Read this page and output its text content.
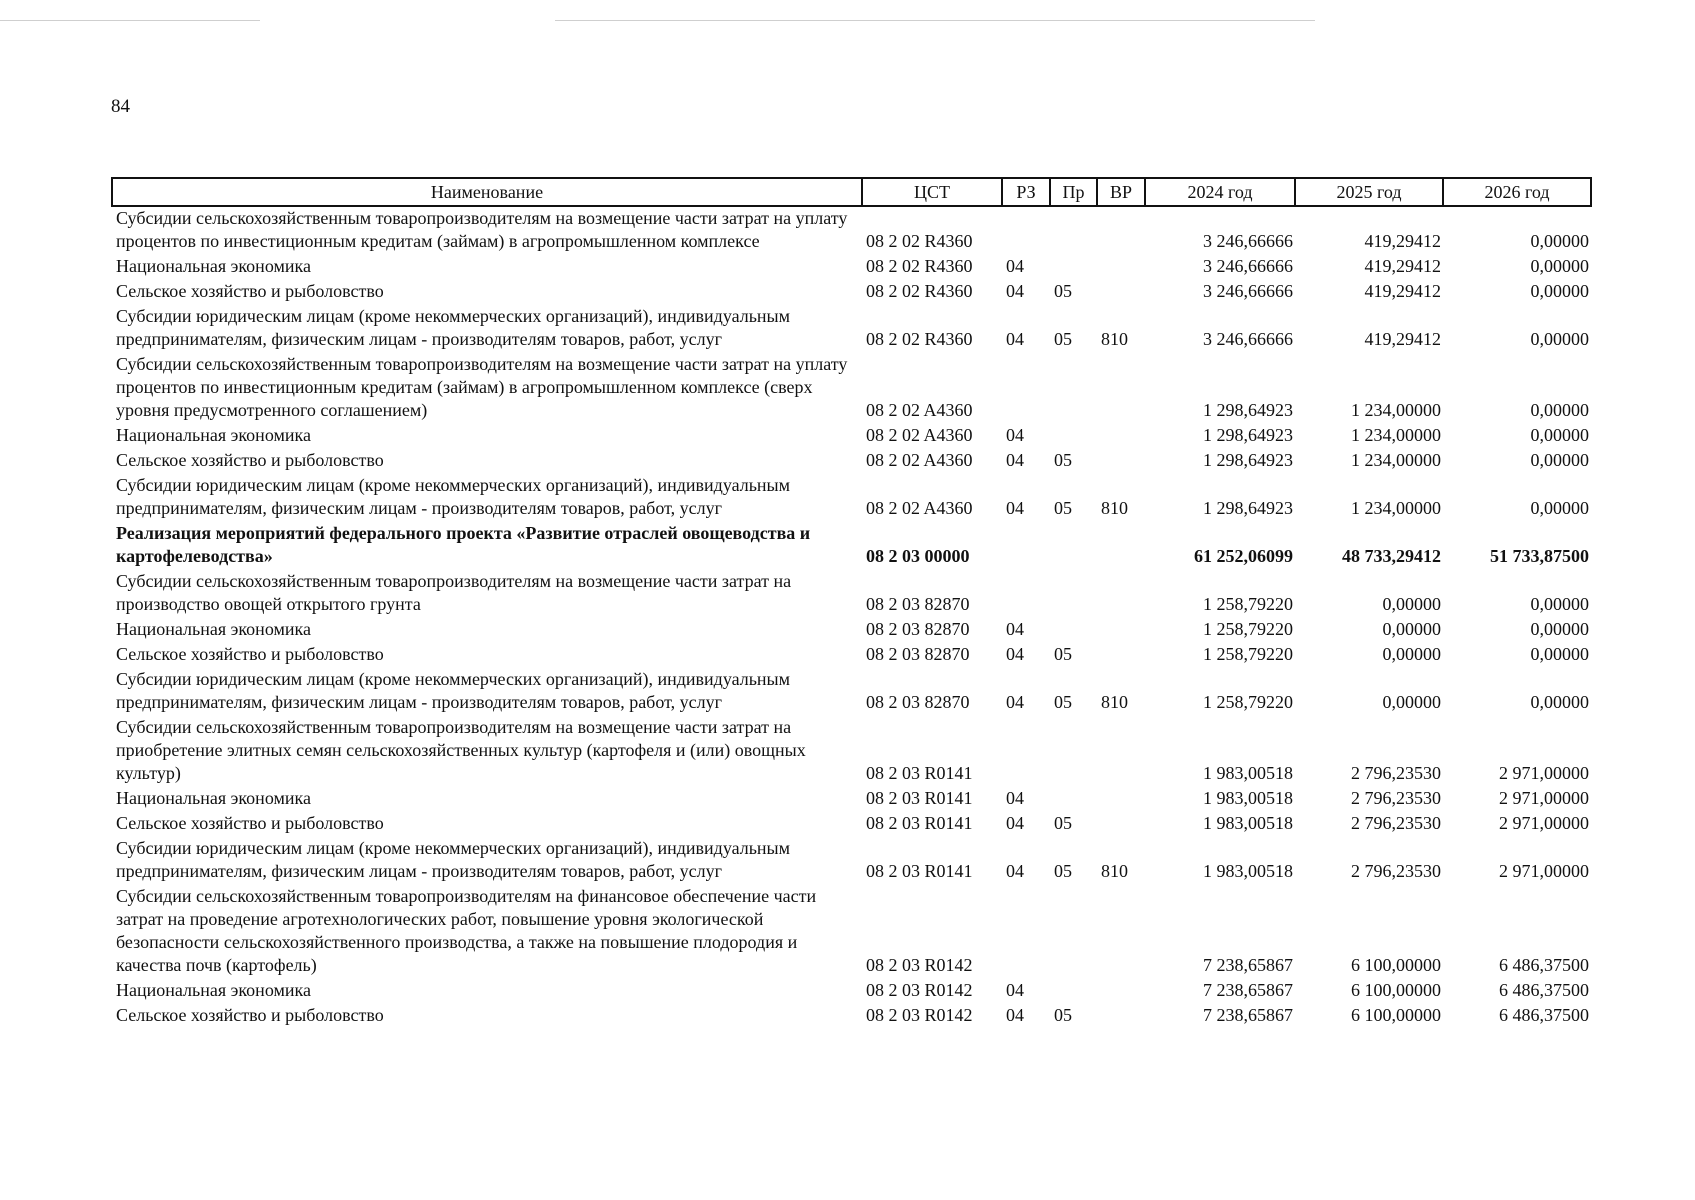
84
Наименование	ЦСТ	РЗ	Пр	ВР	2024 год	2025 год	2026 год
Субсидии сельскохозяйственным товаропроизводителям на возмещение части затрат на уплату процентов по инвестиционным кредитам (займам) в агропромышленном комплексе	08 2 02 R4360				3 246,66666	419,29412	0,00000
Национальная экономика	08 2 02 R4360	04			3 246,66666	419,29412	0,00000
Сельское хозяйство и рыболовство	08 2 02 R4360	04	05		3 246,66666	419,29412	0,00000
Субсидии юридическим лицам (кроме некоммерческих организаций), индивидуальным предпринимателям, физическим лицам - производителям товаров, работ, услуг	08 2 02 R4360	04	05	810	3 246,66666	419,29412	0,00000
Субсидии сельскохозяйственным товаропроизводителям на возмещение части затрат на уплату процентов по инвестиционным кредитам (займам) в агропромышленном комплексе (сверх уровня предусмотренного соглашением)	08 2 02 A4360				1 298,64923	1 234,00000	0,00000
Национальная экономика	08 2 02 A4360	04			1 298,64923	1 234,00000	0,00000
Сельское хозяйство и рыболовство	08 2 02 A4360	04	05		1 298,64923	1 234,00000	0,00000
Субсидии юридическим лицам (кроме некоммерческих организаций), индивидуальным предпринимателям, физическим лицам - производителям товаров, работ, услуг	08 2 02 A4360	04	05	810	1 298,64923	1 234,00000	0,00000
Реализация мероприятий федерального проекта «Развитие отраслей овощеводства и картофелеводства»	08 2 03 00000				61 252,06099	48 733,29412	51 733,87500
Субсидии сельскохозяйственным товаропроизводителям на возмещение части затрат на производство овощей открытого грунта	08 2 03 82870				1 258,79220	0,00000	0,00000
Национальная экономика	08 2 03 82870	04			1 258,79220	0,00000	0,00000
Сельское хозяйство и рыболовство	08 2 03 82870	04	05		1 258,79220	0,00000	0,00000
Субсидии юридическим лицам (кроме некоммерческих организаций), индивидуальным предпринимателям, физическим лицам - производителям товаров, работ, услуг	08 2 03 82870	04	05	810	1 258,79220	0,00000	0,00000
Субсидии сельскохозяйственным товаропроизводителям на возмещение части затрат на приобретение элитных семян сельскохозяйственных культур (картофеля и (или) овощных культур)	08 2 03 R0141				1 983,00518	2 796,23530	2 971,00000
Национальная экономика	08 2 03 R0141	04			1 983,00518	2 796,23530	2 971,00000
Сельское хозяйство и рыболовство	08 2 03 R0141	04	05		1 983,00518	2 796,23530	2 971,00000
Субсидии юридическим лицам (кроме некоммерческих организаций), индивидуальным предпринимателям, физическим лицам - производителям товаров, работ, услуг	08 2 03 R0141	04	05	810	1 983,00518	2 796,23530	2 971,00000
Субсидии сельскохозяйственным товаропроизводителям на финансовое обеспечение части затрат на проведение агротехнологических работ, повышение уровня экологической безопасности сельскохозяйственного производства, а также на повышение плодородия и качества почв (картофель)	08 2 03 R0142				7 238,65867	6 100,00000	6 486,37500
Национальная экономика	08 2 03 R0142	04			7 238,65867	6 100,00000	6 486,37500
Сельское хозяйство и рыболовство	08 2 03 R0142	04	05		7 238,65867	6 100,00000	6 486,37500
